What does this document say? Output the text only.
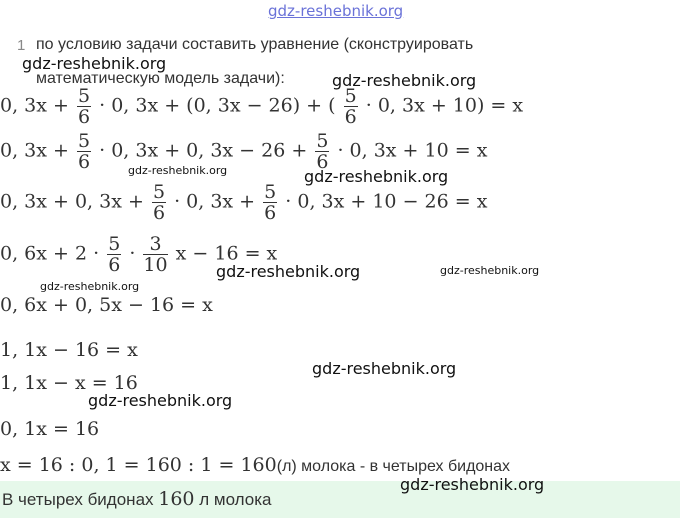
gdz-reshebnik.org
gdz-reshebnik.org
gdz-reshebnik.org
gdz-reshebnik.org	gdz-reshebnik.org
gdz-reshebnik.org	gdz-reshebnik.org
gdz-reshebnik.org
gdz-reshebnik.org
gdz-reshebnik.org
gdz-reshebnik.org
1 по условию задачи составить уравнение (сконструировать
математическую модель задачи):
0, $3x + \frac{5}{6} \cdot 0$, 3x + (0, 3x − 26) + ( $\frac{5}{6} \cdot 0$, 3x + 10) = x
0, $3x + \frac{5}{6} \cdot 0$, 3x + 0, $3x - 26 + \frac{5}{6} \cdot 0$, 3x + 10 = x
0, 3x + 0, $3x + \frac{5}{6} \cdot 0$, $3x + \frac{5}{6} \cdot 0$, 3x + 10 − 26 = x
0, $6x + 2 \cdot \frac{5}{6} \cdot \frac{3}{10}$ x − 16 = x
0, 6x + 0, 5x − 16 = x
1, 1x − 16 = x
1, 1x − x = 16
0, 1x = 16
x = 16 : 0, 1 = 160 : 1 = 160(л) молока - в четырех бидонах
В четырех бидонах 160 л молока
